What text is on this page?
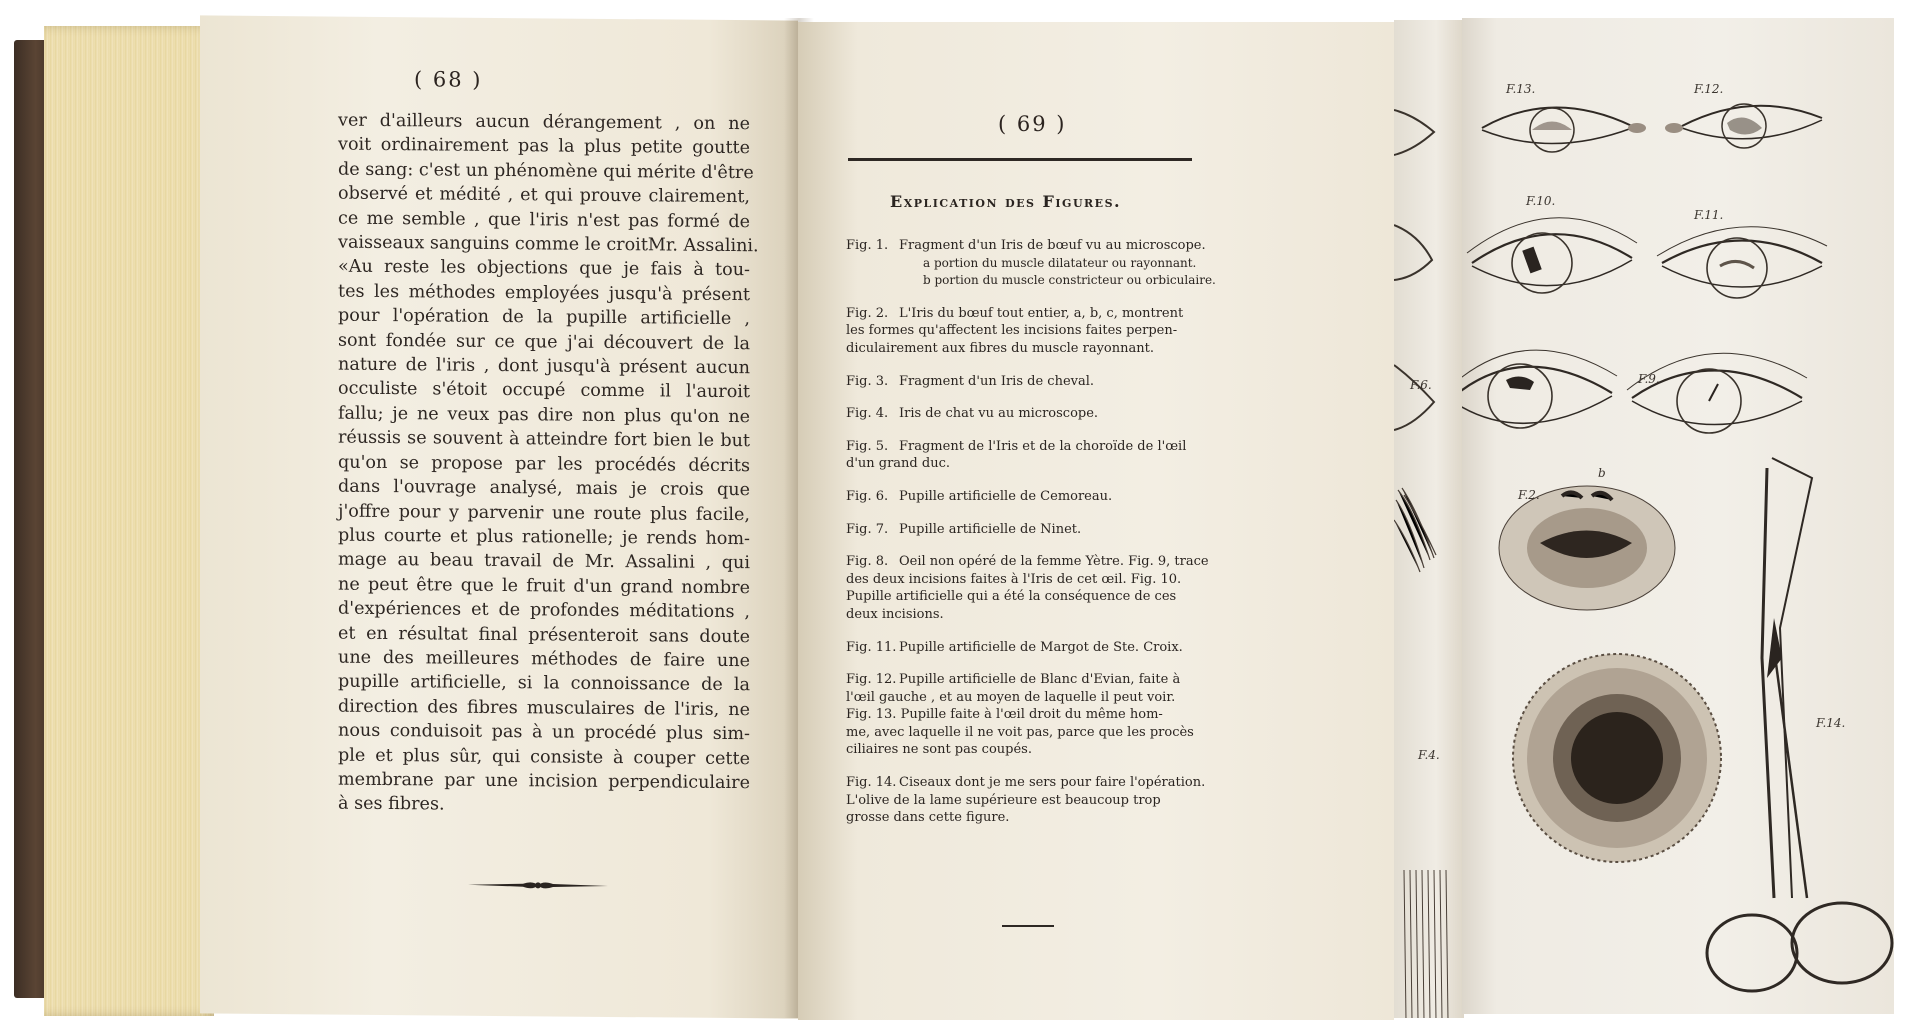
( 68 )
ver d'ailleurs aucun dérangement , on ne
voit ordinairement pas la plus petite goutte
de sang: c'est un phénomène qui mérite d'être
observé et médité , et qui prouve clairement,
ce me semble , que l'iris n'est pas formé de
vaisseaux sanguins comme le croitMr. Assalini.
«Au reste les objections que je fais à tou-
tes les méthodes employées jusqu'à présent
pour l'opération de la pupille artificielle ,
sont fondée sur ce que j'ai découvert de la
nature de l'iris , dont jusqu'à présent aucun
occuliste s'étoit occupé comme il l'auroit
fallu; je ne veux pas dire non plus qu'on ne
réussis se souvent à atteindre fort bien le but
qu'on se propose par les procédés décrits
dans l'ouvrage analysé, mais je crois que
j'offre pour y parvenir une route plus facile,
plus courte et plus rationelle; je rends hom-
mage au beau travail de Mr. Assalini , qui
ne peut être que le fruit d'un grand nombre
d'expériences et de profondes méditations ,
et en résultat final présenteroit sans doute
une des meilleures méthodes de faire une
pupille artificielle, si la connoissance de la
direction des fibres musculaires de l'iris, ne
nous conduisoit pas à un procédé plus sim-
ple et plus sûr, qui consiste à couper cette
membrane par une incision perpendiculaire
à ses fibres.
( 69 )
Explication des Figures.
Fig. 1. Fragment d'un Iris de bœuf vu au microscope.
a portion du muscle dilatateur ou rayonnant.
b portion du muscle constricteur ou orbiculaire.
Fig. 2. L'Iris du bœuf tout entier, a, b, c, montrent
les formes qu'affectent les incisions faites perpen-
diculairement aux fibres du muscle rayonnant.
Fig. 3. Fragment d'un Iris de cheval.
Fig. 4. Iris de chat vu au microscope.
Fig. 5. Fragment de l'Iris et de la choroïde de l'œil
d'un grand duc.
Fig. 6. Pupille artificielle de Cemoreau.
Fig. 7. Pupille artificielle de Ninet.
Fig. 8. Oeil non opéré de la femme Yètre. Fig. 9, trace
des deux incisions faites à l'Iris de cet œil. Fig. 10.
Pupille artificielle qui a été la conséquence de ces
deux incisions.
Fig. 11. Pupille artificielle de Margot de Ste. Croix.
Fig. 12. Pupille artificielle de Blanc d'Evian, faite à
l'œil gauche , et au moyen de laquelle il peut voir.
Fig. 13. Pupille faite à l'œil droit du même hom-
me, avec laquelle il ne voit pas, parce que les procès
ciliaires ne sont pas coupés.
Fig. 14. Ciseaux dont je me sers pour faire l'opération.
L'olive de la lame supérieure est beaucoup trop
grosse dans cette figure.
F.13.	F.12.
F.10.
F.11.
F.6.	F.9.
F.2.
F.4.
F.14.
b
